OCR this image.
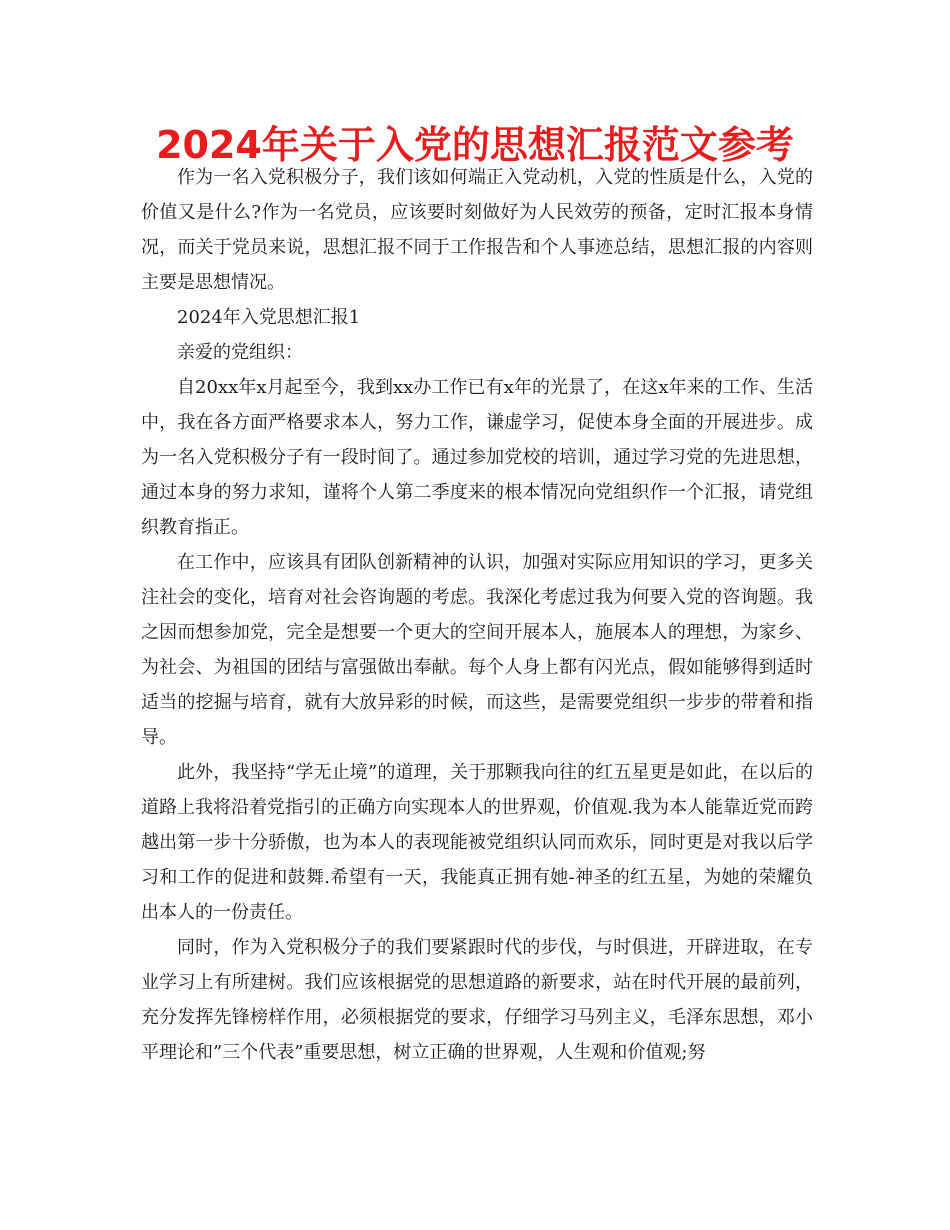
2024年关于入党的思想汇报范文参考

作为一名入党积极分子，我们该如何端正入党动机，入党的性质是什么，入党的价值又是什么?作为一名党员，应该要时刻做好为人民效劳的预备，定时汇报本身情况，而关于党员来说，思想汇报不同于工作报告和个人事迹总结，思想汇报的内容则主要是思想情况。

2024年入党思想汇报1

亲爱的党组织：

自20xx年x月起至今，我到xx办工作已有x年的光景了，在这x年来的工作、生活中，我在各方面严格要求本人，努力工作，谦虚学习，促使本身全面的开展进步。成为一名入党积极分子有一段时间了。通过参加党校的培训，通过学习党的先进思想，通过本身的努力求知，谨将个人第二季度来的根本情况向党组织作一个汇报，请党组织教育指正。

在工作中，应该具有团队创新精神的认识，加强对实际应用知识的学习，更多关注社会的变化，培育对社会咨询题的考虑。我深化考虑过我为何要入党的咨询题。我之因而想参加党，完全是想要一个更大的空间开展本人，施展本人的理想，为家乡、为社会、为祖国的团结与富强做出奉献。每个人身上都有闪光点，假如能够得到适时适当的挖掘与培育，就有大放异彩的时候，而这些，是需要党组织一步步的带着和指导。

此外，我坚持“学无止境”的道理，关于那颗我向往的红五星更是如此，在以后的道路上我将沿着党指引的正确方向实现本人的世界观，价值观.我为本人能靠近党而跨越出第一步十分骄傲，也为本人的表现能被党组织认同而欢乐，同时更是对我以后学习和工作的促进和鼓舞.希望有一天，我能真正拥有她-神圣的红五星，为她的荣耀负出本人的一份责任。

同时，作为入党积极分子的我们要紧跟时代的步伐，与时俱进，开辟进取，在专业学习上有所建树。我们应该根据党的思想道路的新要求，站在时代开展的最前列，充分发挥先锋榜样作用，必须根据党的要求，仔细学习马列主义，毛泽东思想，邓小平理论和”三个代表”重要思想，树立正确的世界观，人生观和价值观;努
